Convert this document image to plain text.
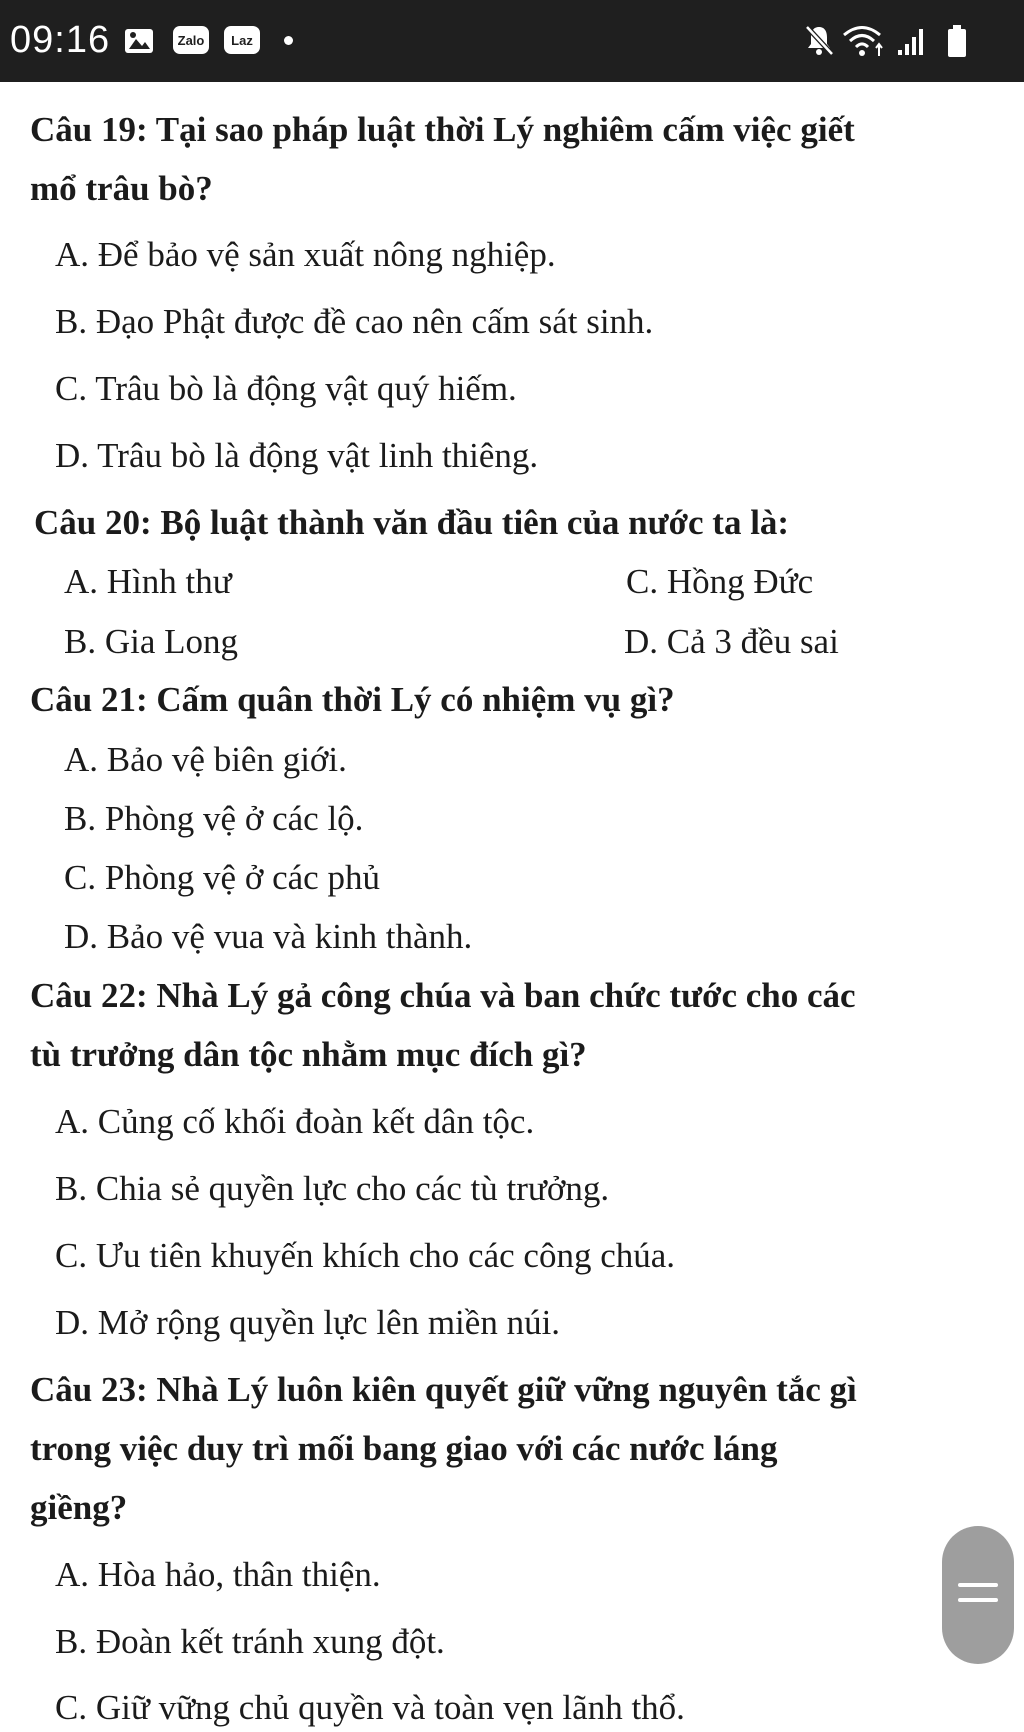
09:16	Zalo	Laz
Câu 19: Tại sao pháp luật thời Lý nghiêm cấm việc giết
mổ trâu bò?
A. Để bảo vệ sản xuất nông nghiệp.
B. Đạo Phật được đề cao nên cấm sát sinh.
C. Trâu bò là động vật quý hiếm.
D. Trâu bò là động vật linh thiêng.
Câu 20: Bộ luật thành văn đầu tiên của nước ta là:
A. Hình thư	C. Hồng Đức
B. Gia Long	D. Cả 3 đều sai
Câu 21: Cấm quân thời Lý có nhiệm vụ gì?
A. Bảo vệ biên giới.
B. Phòng vệ ở các lộ.
C. Phòng vệ ở các phủ
D. Bảo vệ vua và kinh thành.
Câu 22: Nhà Lý gả công chúa và ban chức tước cho các
tù trưởng dân tộc nhằm mục đích gì?
A. Củng cố khối đoàn kết dân tộc.
B. Chia sẻ quyền lực cho các tù trưởng.
C. Ưu tiên khuyến khích cho các công chúa.
D. Mở rộng quyền lực lên miền núi.
Câu 23: Nhà Lý luôn kiên quyết giữ vững nguyên tắc gì
trong việc duy trì mối bang giao với các nước láng
giềng?
A. Hòa hảo, thân thiện.
B. Đoàn kết tránh xung đột.
C. Giữ vững chủ quyền và toàn vẹn lãnh thổ.
